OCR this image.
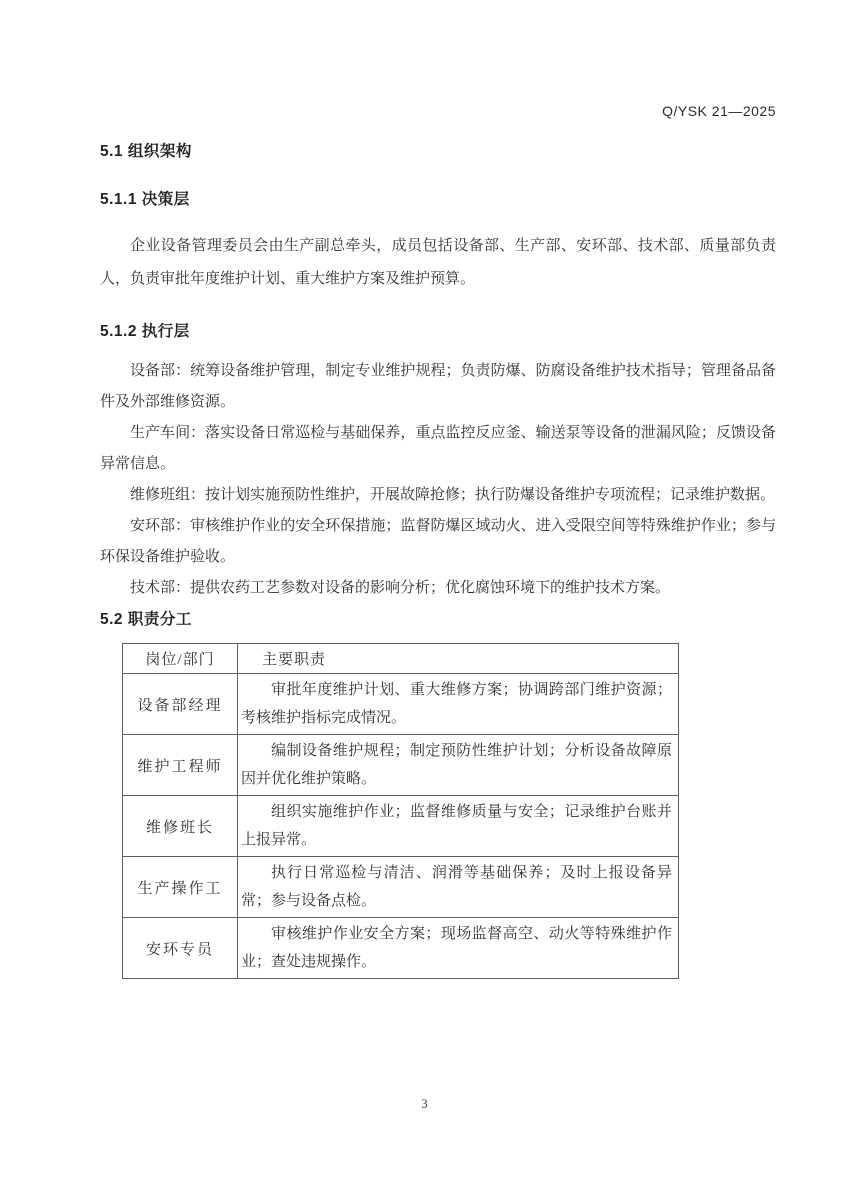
Q/YSK 21—2025
5.1 组织架构
5.1.1 决策层

企业设备管理委员会由生产副总牵头，成员包括设备部、生产部、安环部、技术部、质量部负责人，负责审批年度维护计划、重大维护方案及维护预算。

5.1.2 执行层

设备部：统筹设备维护管理，制定专业维护规程；负责防爆、防腐设备维护技术指导；管理备品备件及外部维修资源。

生产车间：落实设备日常巡检与基础保养，重点监控反应釜、输送泵等设备的泄漏风险；反馈设备异常信息。

维修班组：按计划实施预防性维护，开展故障抢修；执行防爆设备维护专项流程；记录维护数据。

安环部：审核维护作业的安全环保措施；监督防爆区域动火、进入受限空间等特殊维护作业；参与环保设备维护验收。

技术部：提供农药工艺参数对设备的影响分析；优化腐蚀环境下的维护技术方案。

5.2 职责分工
岗位/部门	主要职责
设备部经理	审批年度维护计划、重大维修方案；协调跨部门维护资源；考核维护指标完成情况。

维护工程师	编制设备维护规程；制定预防性维护计划；分析设备故障原因并优化维护策略。

维修班长	组织实施维护作业；监督维修质量与安全；记录维护台账并上报异常。

生产操作工	执行日常巡检与清洁、润滑等基础保养；及时上报设备异常；参与设备点检。

安环专员	审核维护作业安全方案；现场监督高空、动火等特殊维护作业；查处违规操作。
3
